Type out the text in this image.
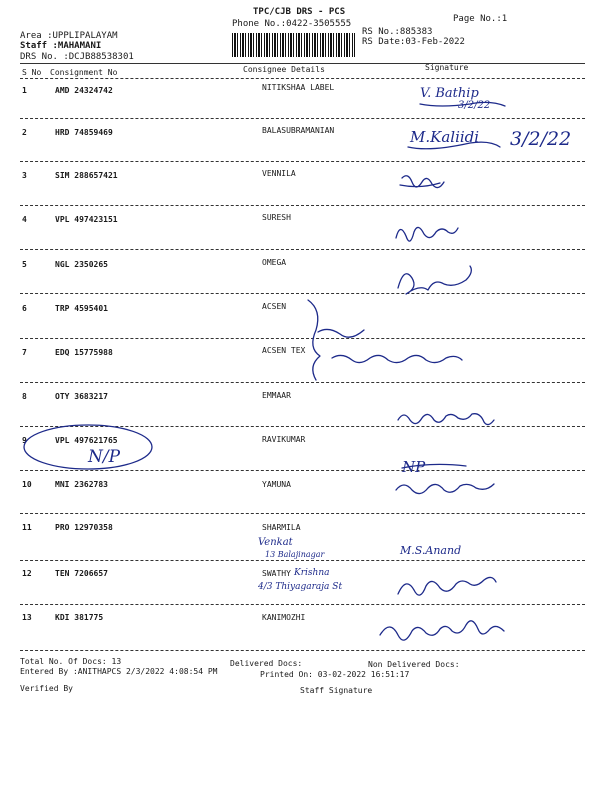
TPC/CJB DRS - PCS
Phone No.:0422-3505555	Page No.:1
RS No.:885383
RS Date:03-Feb-2022
Area :UPPLIPALAYAM
Staff :MAHAMANI
DRS No. :DCJB88538301
S No Consignment No	Consignee Details	Signature
1	AMD 24324742	NITIKSHAA LABEL
2	HRD 74859469	BALASUBRAMANIAN
3	SIM 288657421	VENNILA
4	VPL 497423151	SURESH
5	NGL 2350265	OMEGA
6	TRP 4595401	ACSEN
7	EDQ 15775988	ACSEN TEX
8	OTY 3683217	EMMAAR
9	VPL 497621765	RAVIKUMAR
10	MNI 2362783	YAMUNA
11	PRO 12970358	SHARMILA
12	TEN 7206657	SWATHY
13	KDI 381775	KANIMOZHI
V. Bathip
3/2/22
M.Kaliidi 3/2/22
N/P	NP
Venkat
13 Balajinagar	M.S.Anand
Krishna
4/3 Thiyagaraja St
Total No. Of Docs: 13	Delivered Docs:	Non Delivered Docs:
Entered By :ANITHAPCS 2/3/2022 4:08:54 PM	Printed On: 03-02-2022 16:51:17
Verified By	Staff Signature
